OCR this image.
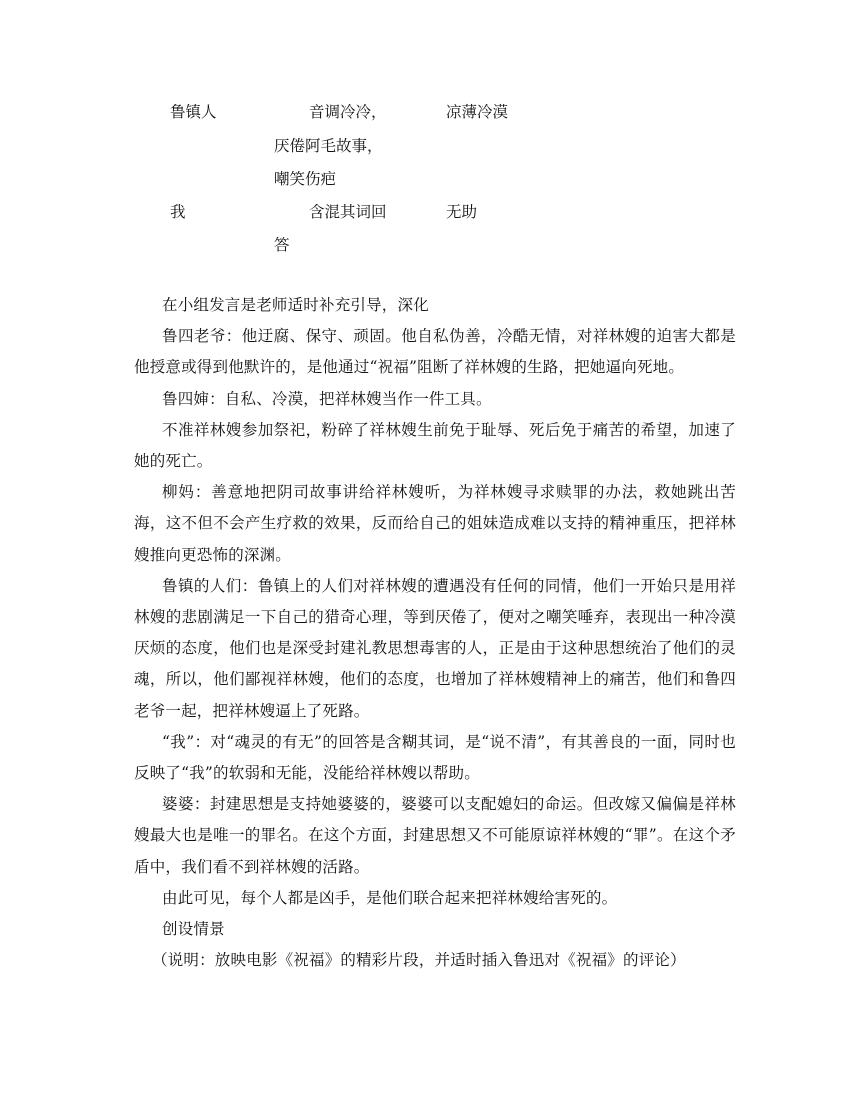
鲁镇人	音调冷冷，	凉薄冷漠
厌倦阿毛故事，
嘲笑伤疤
我	含混其词回	无助
答

在小组发言是老师适时补充引导，深化

鲁四老爷：他迂腐、保守、顽固。他自私伪善，冷酷无情，对祥林嫂的迫害大都是他授意或得到他默许的，是他通过“祝福”阻断了祥林嫂的生路，把她逼向死地。

鲁四婶：自私、冷漠，把祥林嫂当作一件工具。

不准祥林嫂参加祭祀，粉碎了祥林嫂生前免于耻辱、死后免于痛苦的希望，加速了她的死亡。

柳妈：善意地把阴司故事讲给祥林嫂听，为祥林嫂寻求赎罪的办法，救她跳出苦海，这不但不会产生疗救的效果，反而给自己的姐妹造成难以支持的精神重压，把祥林嫂推向更恐怖的深渊。

鲁镇的人们：鲁镇上的人们对祥林嫂的遭遇没有任何的同情，他们一开始只是用祥林嫂的悲剧满足一下自己的猎奇心理，等到厌倦了，便对之嘲笑唾弃，表现出一种冷漠厌烦的态度，他们也是深受封建礼教思想毒害的人，正是由于这种思想统治了他们的灵魂，所以，他们鄙视祥林嫂，他们的态度，也增加了祥林嫂精神上的痛苦，他们和鲁四老爷一起，把祥林嫂逼上了死路。

“我”：对“魂灵的有无”的回答是含糊其词，是“说不清”，有其善良的一面，同时也反映了“我”的软弱和无能，没能给祥林嫂以帮助。

婆婆：封建思想是支持她婆婆的，婆婆可以支配媳妇的命运。但改嫁又偏偏是祥林嫂最大也是唯一的罪名。在这个方面，封建思想又不可能原谅祥林嫂的“罪”。在这个矛盾中，我们看不到祥林嫂的活路。

由此可见，每个人都是凶手，是他们联合起来把祥林嫂给害死的。

创设情景

（说明：放映电影《祝福》的精彩片段，并适时插入鲁迅对《祝福》的评论）
